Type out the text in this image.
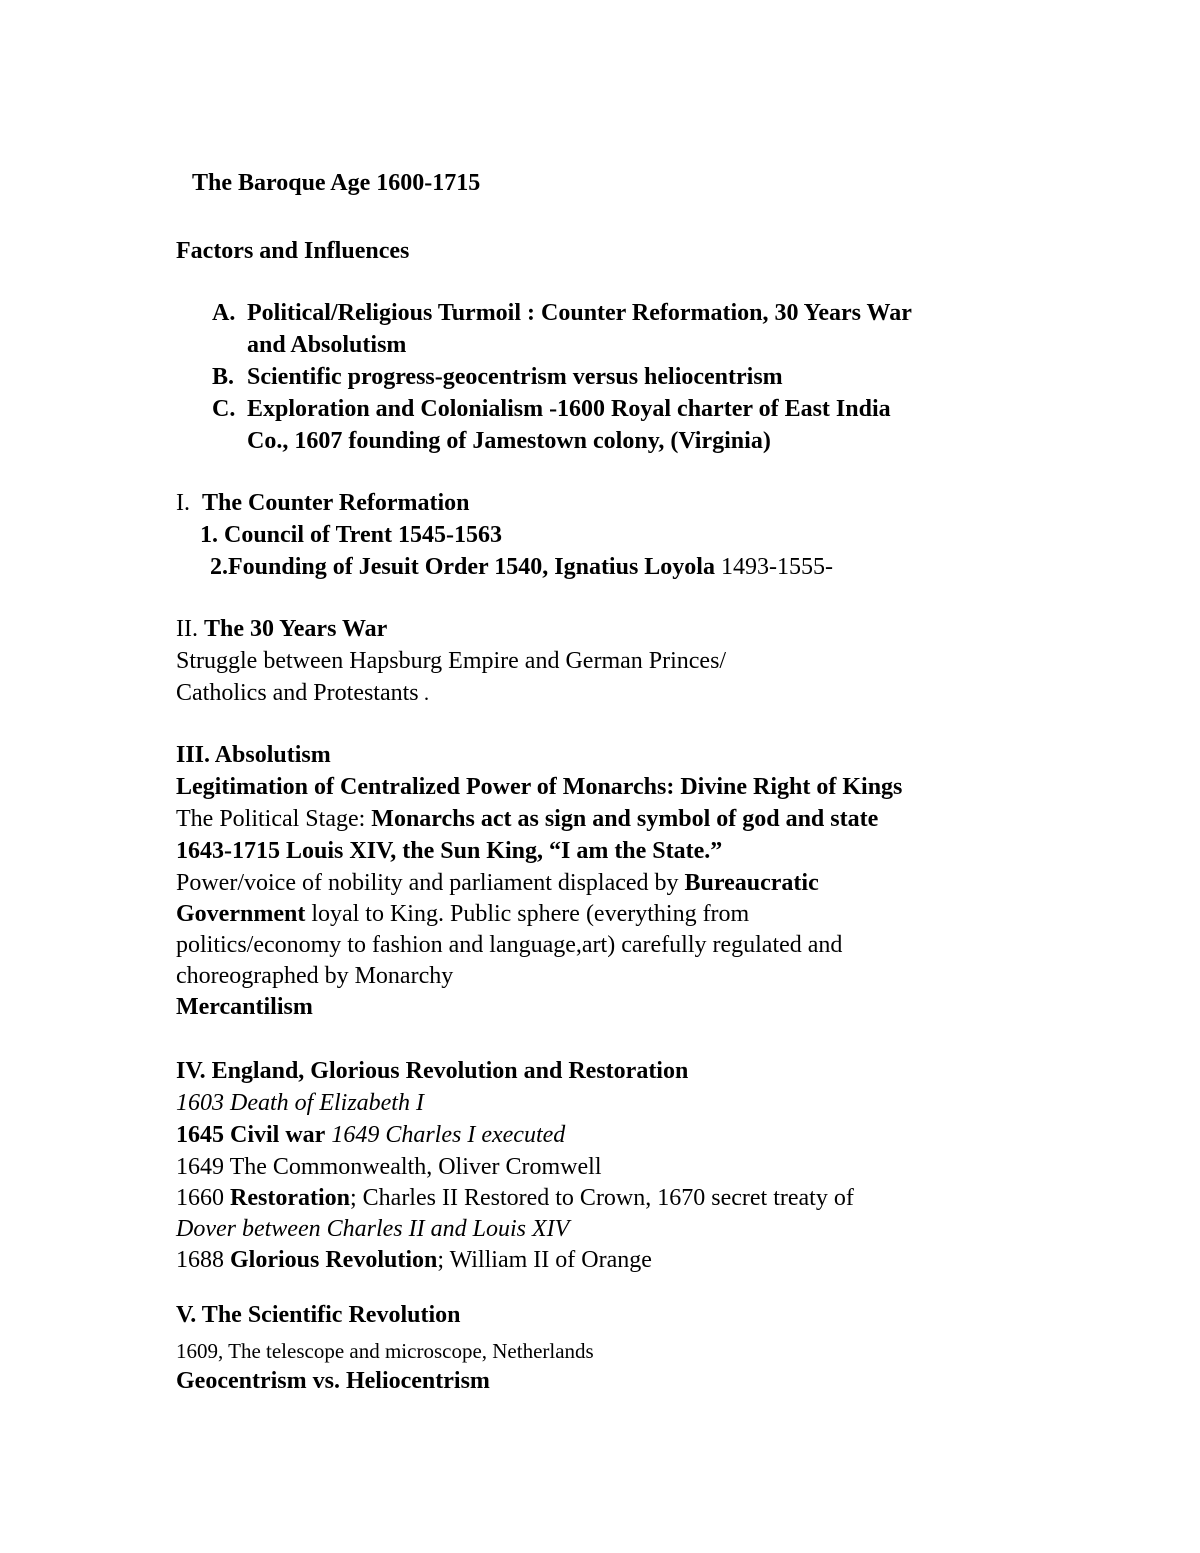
The Baroque Age 1600-1715
Factors and Influences
A. Political/Religious Turmoil : Counter Reformation, 30 Years War
and Absolutism
B. Scientific progress-geocentrism versus heliocentrism
C. Exploration and Colonialism -1600 Royal charter of East India
Co., 1607 founding of Jamestown colony, (Virginia)
I. The Counter Reformation
1. Council of Trent 1545-1563
2.Founding of Jesuit Order 1540, Ignatius Loyola 1493-1555-
II. The 30 Years War
Struggle between Hapsburg Empire and German Princes/
Catholics and Protestants .
III. Absolutism
Legitimation of Centralized Power of Monarchs: Divine Right of Kings
The Political Stage: Monarchs act as sign and symbol of god and state
1643-1715 Louis XIV, the Sun King, “I am the State.”
Power/voice of nobility and parliament displaced by Bureaucratic
Government loyal to King. Public sphere (everything from
politics/economy to fashion and language,art) carefully regulated and
choreographed by Monarchy
Mercantilism
IV. England, Glorious Revolution and Restoration
1603 Death of Elizabeth I
1645 Civil war 1649 Charles I executed
1649 The Commonwealth, Oliver Cromwell
1660 Restoration; Charles II Restored to Crown, 1670 secret treaty of
Dover between Charles II and Louis XIV
1688 Glorious Revolution; William II of Orange
V. The Scientific Revolution
1609, The telescope and microscope, Netherlands
Geocentrism vs. Heliocentrism
